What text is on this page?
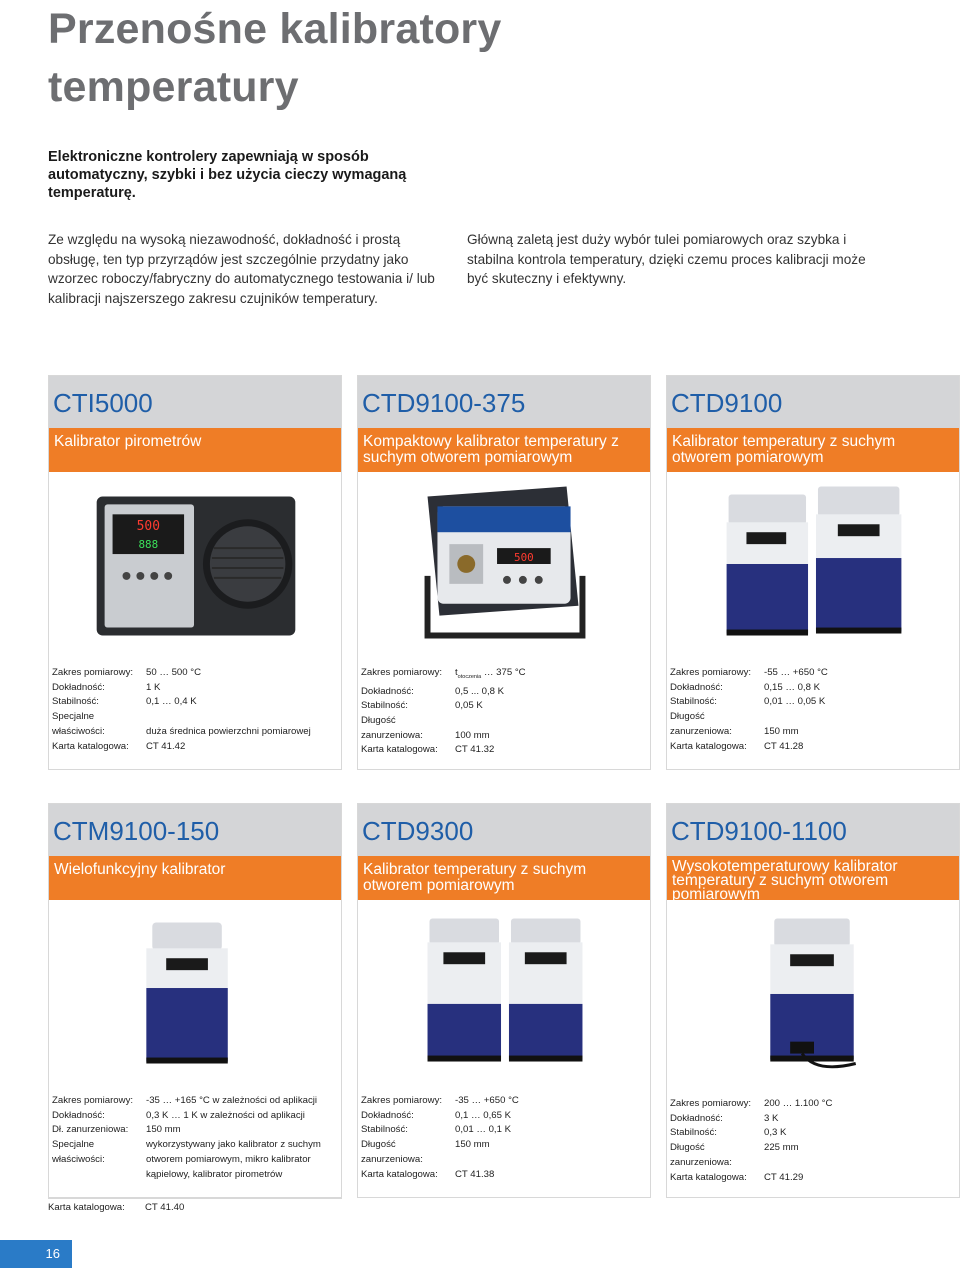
Przenośne kalibratory
temperatury
Elektroniczne kontrolery zapewniają w sposób automatyczny, szybki i bez użycia cieczy wymaganą temperaturę.
Ze względu na wysoką niezawodność, dokładność i prostą obsługę, ten typ przyrządów jest szczególnie przydatny jako wzorzec roboczy/fabryczny do automatycznego testowania i/ lub kalibracji najszerszego zakresu czujników temperatury.
Główną zaletą jest duży wybór tulei pomiarowych oraz szybka i stabilna kontrola temperatury, dzięki czemu proces kalibracji może być skuteczny i efektywny.
CTI5000
Kalibrator pirometrów
500
888
Zakres pomiarowy:	50 … 500 °C
Dokładność:	1 K
Stabilność:	0,1 … 0,4 K
Specjalne
właściwości:	duża średnica powierzchni pomiarowej
Karta katalogowa:	CT 41.42
CTD9100-375
Kompaktowy kalibrator temperatury z suchym otworem pomiarowym
500
Zakres pomiarowy:	$t_{otoczenia}$ … 375 °C
Dokładność:	0,5 ... 0,8 K
Stabilność:	0,05 K
Długość
zanurzeniowa:	100 mm
Karta katalogowa:	CT 41.32
CTD9100
Kalibrator temperatury z suchym otworem pomiarowym
Zakres pomiarowy:	-55 … +650 °C
Dokładność:	0,15 … 0,8 K
Stabilność:	0,01 … 0,05 K
Długość
zanurzeniowa:	150 mm
Karta katalogowa:	CT 41.28
CTM9100-150
Wielofunkcyjny kalibrator
Zakres pomiarowy:	-35 … +165 °C w zależności od aplikacji
Dokładność:	0,3 K … 1 K w zależności od aplikacji
Dł. zanurzeniowa:	150 mm
Specjalne	wykorzystywany jako kalibrator z suchym
właściwości:	otworem pomiarowym, mikro kalibrator
kąpielowy, kalibrator pirometrów
Karta katalogowa:	CT 41.40
CTD9300
Kalibrator temperatury z suchym otworem pomiarowym
Zakres pomiarowy:	-35 … +650 °C
Dokładność:	0,1 … 0,65 K
Stabilność:	0,01 … 0,1 K
Długość	150 mm
zanurzeniowa:
Karta katalogowa:	CT 41.38
CTD9100-1100
Wysokotemperaturowy kalibrator temperatury z suchym otworem pomiarowym
Zakres pomiarowy:	200 … 1.100 °C
Dokładność:	3 K
Stabilność:	0,3 K
Długość	225 mm
zanurzeniowa:
Karta katalogowa:	CT 41.29
16
